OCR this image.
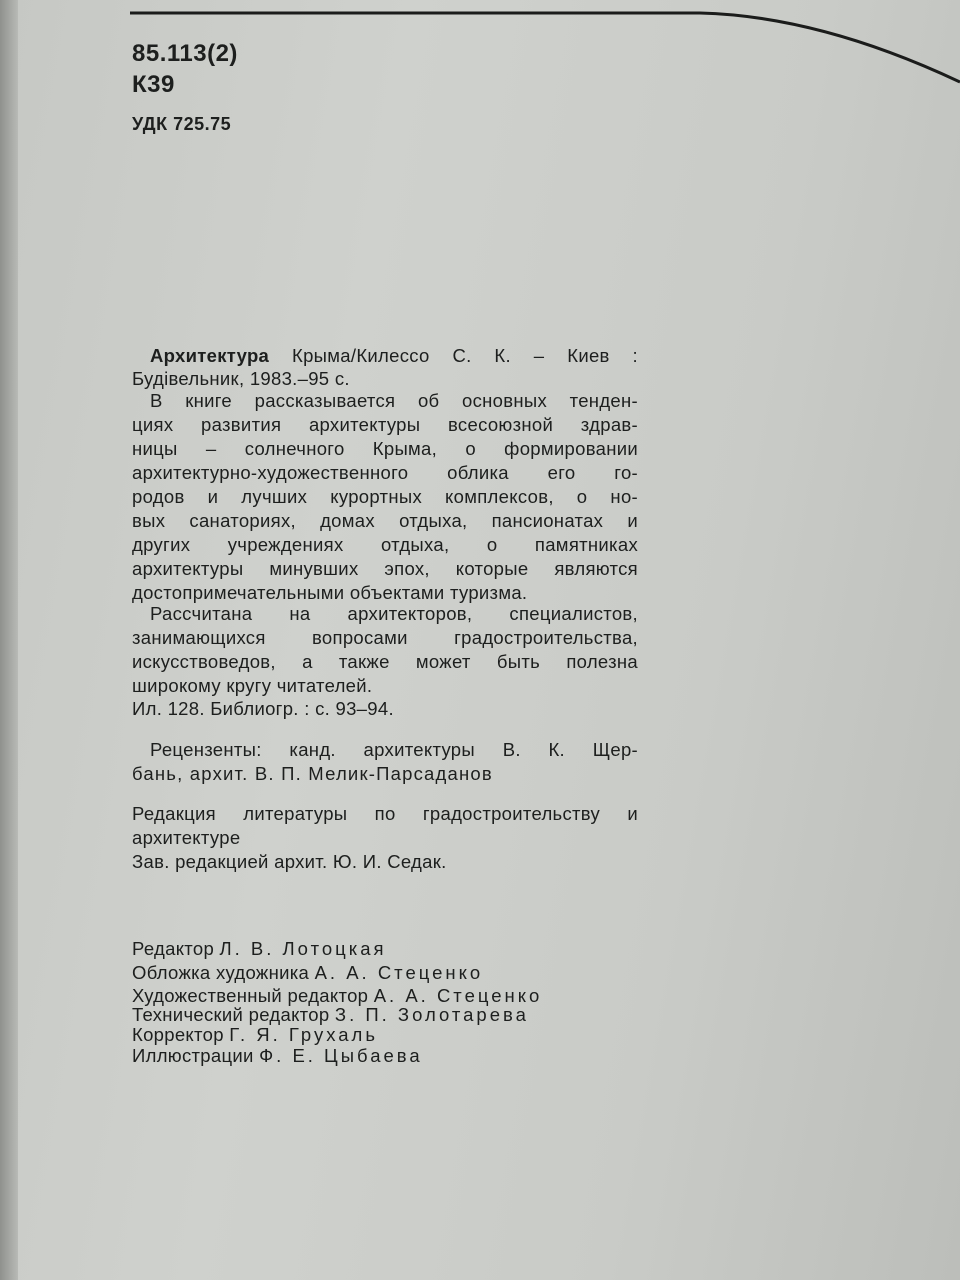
85.113(2)
К39
УДК 725.75
Архитектура Крыма/Килессо С. К. – Киев :
Будівельник, 1983.–95 с.
В книге рассказывается об основных тенден-
циях развития архитектуры всесоюзной здрав-
ницы – солнечного Крыма, о формировании
архитектурно-художественного облика его го-
родов и лучших курортных комплексов, о но-
вых санаториях, домах отдыха, пансионатах и
других учреждениях отдыха, о памятниках
архитектуры минувших эпох, которые являются
достопримечательными объектами туризма.
Рассчитана на архитекторов, специалистов,
занимающихся вопросами градостроительства,
искусствоведов, а также может быть полезна
широкому кругу читателей.
Ил. 128. Библиогр. : с. 93–94.
Рецензенты: канд. архитектуры В. К. Щер-
бань, архит. В. П. Мелик-Парсаданов
Редакция литературы по градостроительству и
архитектуре
Зав. редакцией архит. Ю. И. Седак.
Редактор Л. В. Лотоцкая
Обложка художника А. А. Стеценко
Художественный редактор А. А. Стеценко
Технический редактор З. П. Золотарева
Корректор Г. Я. Грухаль
Иллюстрации Ф. Е. Цыбаева
